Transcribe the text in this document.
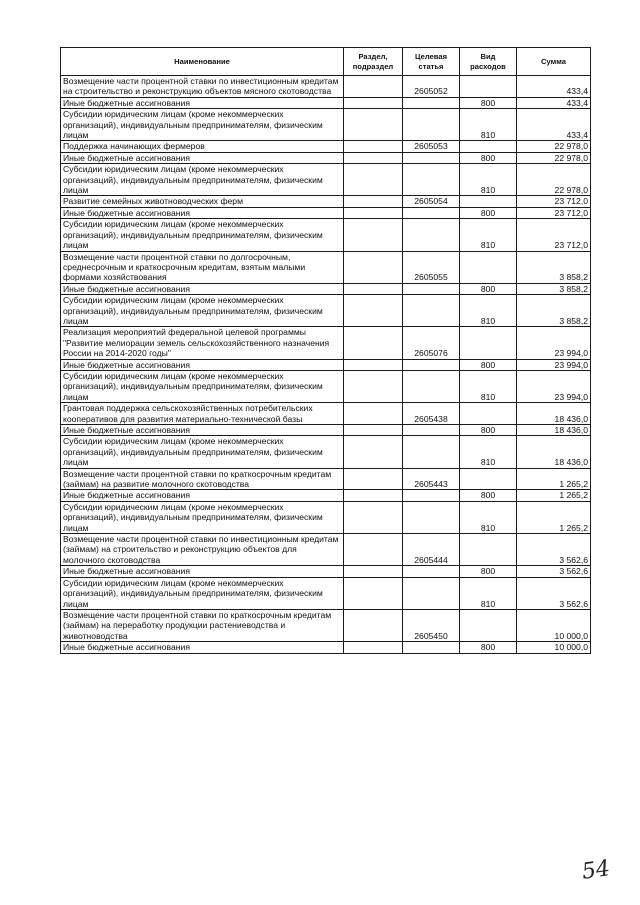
Наименование	Раздел, подраздел	Целевая статья	Вид расходов	Сумма
Возмещение части процентной ставки по инвестиционным кредитам на строительство и реконструкцию объектов мясного скотоводства		2605052		433,4
Иные бюджетные ассигнования			800	433,4
Субсидии юридическим лицам (кроме некоммерческих организаций), индивидуальным предпринимателям, физическим лицам			810	433,4
Поддержка начинающих фермеров		2605053		22 978,0
Иные бюджетные ассигнования			800	22 978,0
Субсидии юридическим лицам (кроме некоммерческих организаций), индивидуальным предпринимателям, физическим лицам			810	22 978,0
Развитие семейных животноводческих ферм		2605054		23 712,0
Иные бюджетные ассигнования			800	23 712,0
Субсидии юридическим лицам (кроме некоммерческих организаций), индивидуальным предпринимателям, физическим лицам			810	23 712,0
Возмещение части процентной ставки по долгосрочным, среднесрочным и краткосрочным кредитам, взятым малыми формами хозяйствования		2605055		3 858,2
Иные бюджетные ассигнования			800	3 858,2
Субсидии юридическим лицам (кроме некоммерческих организаций), индивидуальным предпринимателям, физическим лицам			810	3 858,2
Реализация мероприятий федеральной целевой программы "Развитие мелиорации земель сельскохозяйственного назначения России на 2014-2020 годы"		2605076		23 994,0
Иные бюджетные ассигнования			800	23 994,0
Субсидии юридическим лицам (кроме некоммерческих организаций), индивидуальным предпринимателям, физическим лицам			810	23 994,0
Грантовая поддержка сельскохозяйственных потребительских кооперативов для развития материально-технической базы		2605438		18 436,0
Иные бюджетные ассигнования			800	18 436,0
Субсидии юридическим лицам (кроме некоммерческих организаций), индивидуальным предпринимателям, физическим лицам			810	18 436,0
Возмещение части процентной ставки по краткосрочным кредитам (займам) на развитие молочного скотоводства		2605443		1 265,2
Иные бюджетные ассигнования			800	1 265,2
Субсидии юридическим лицам (кроме некоммерческих организаций), индивидуальным предпринимателям, физическим лицам			810	1 265,2
Возмещение части процентной ставки по инвестиционным кредитам (займам) на строительство и реконструкцию объектов для молочного скотоводства		2605444		3 562,6
Иные бюджетные ассигнования			800	3 562,6
Субсидии юридическим лицам (кроме некоммерческих организаций), индивидуальным предпринимателям, физическим лицам			810	3 562,6
Возмещение части процентной ставки по краткосрочным кредитам (займам) на переработку продукции растениеводства и животноводства		2605450		10 000,0
Иные бюджетные ассигнования			800	10 000,0
54
